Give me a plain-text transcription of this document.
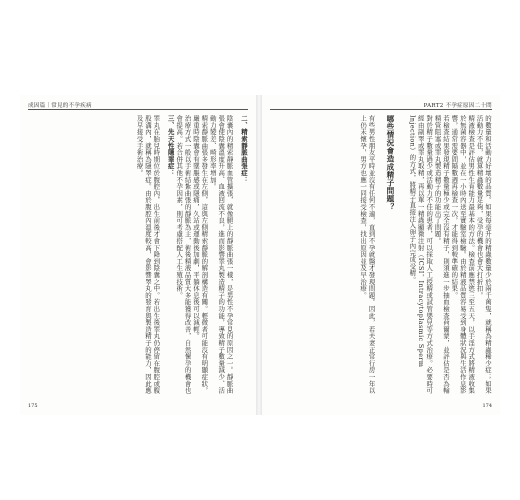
成因篇｜常見的不孕疾病

二、精索靜脈曲張症：

陰囊內的精索靜脈血管擴張，就像腿上的靜脈曲張一樣，是男性不孕常見的原因之一。靜脈曲張會使陰囊溫度升高、血液回流不良，進而影響睪丸製造精子的功能，導致精子數量減少、活動力變差、畸形率增加。

精索靜脈曲張多發生在左側，這與左側精索靜脈的解剖構造有關。輕微者可能沒有明顯症狀，嚴重時陰囊會有墜脹感或隱痛，久站或運動後加劇，平躺休息後可以減輕。

治療方式一般以手術結紮曲張的靜脈為主，術後精液品質大多能獲得改善，自然懷孕的機會也會提高。若合併其他不孕因素，則可考慮搭配人工生殖技術。

三、先天性隱睪症：

睪丸在胎兒時期位於腹腔內，出生前後才會下降到陰囊之中。若出生後睪丸仍停留在腹腔或腹股溝內，就稱為隱睪症。由於腹腔內溫度較高，會影響睪丸的發育與製造精子的能力，因此應及早接受手術治療。

175
PART2 不孕症原因二十問

的數量和活動力好壞的品質。如果每毫升的精蟲數量少於兩千萬隻，就稱為精蟲稀少症；如果活動力不佳，就算精蟲數量足夠，受孕的機會也會大打折扣。

精液檢查是評估男性生育能力最基本的方法。檢查前應禁慾三至五天，以手淫方式將精液收集於無菌容器中，並在一小時內送至實驗室檢驗。由於精液品質容易受到身體狀況與生活作息影響，通常需要間隔數週再檢查一次，才能得到較準確的結果。

若檢查結果發現精子數量極少或完全沒有精子，則須進一步抽血檢查荷爾蒙，並評估是否為輸精管阻塞或睪丸製造精子的功能出了問題。

對於精子數量過少或活動力不佳的患者，可以採取人工授精或試管嬰兒等方式治療。必要時可經由副睪或睪丸取精，再以單一精蟲顯微注射（ICSI，Intracytoplasmic Sperm Injection）的方式，將精子直接注入卵子內完成受精。

哪些情況會造成精子問題？

有些男性朋友平時並沒有任何不適，直到不孕就醫才發現問題。因此，若夫妻正常行房一年以上仍未懷孕，男方也應一同接受檢查，找出原因並及早治療。

174
